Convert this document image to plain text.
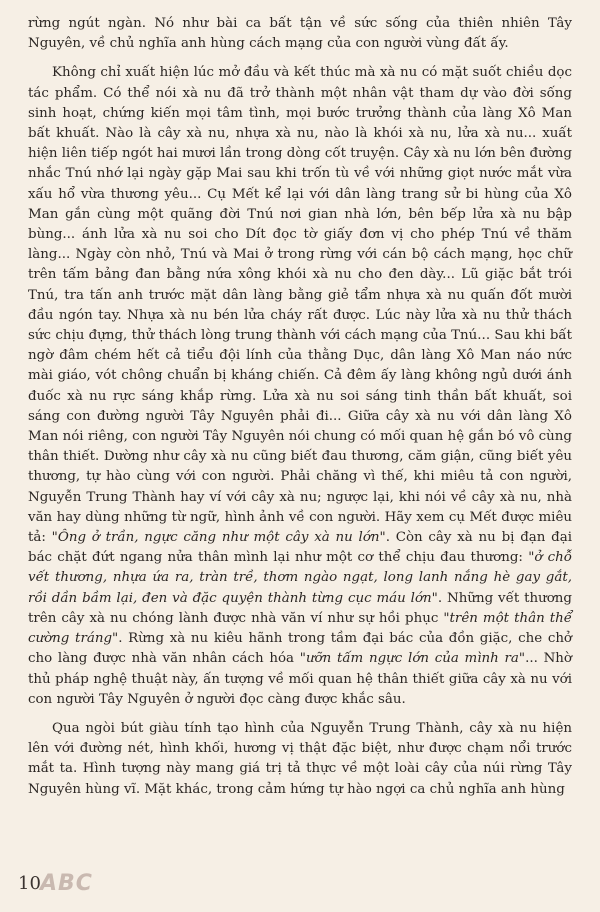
rừng ngút ngàn. Nó như bài ca bất tận về sức sống của thiên nhiên Tây Nguyên, về chủ nghĩa anh hùng cách mạng của con người vùng đất ấy.

Không chỉ xuất hiện lúc mở đầu và kết thúc mà xà nu có mặt suốt chiều dọc tác phẩm. Có thể nói xà nu đã trở thành một nhân vật tham dự vào đời sống sinh hoạt, chứng kiến mọi tâm tình, mọi bước trưởng thành của làng Xô Man bất khuất. Nào là cây xà nu, nhựa xà nu, nào là khói xà nu, lửa xà nu... xuất hiện liên tiếp ngót hai mươi lần trong dòng cốt truyện. Cây xà nu lớn bên đường nhắc Tnú nhớ lại ngày gặp Mai sau khi trốn tù về với những giọt nước mắt vừa xấu hổ vừa thương yêu... Cụ Mết kể lại với dân làng trang sử bi hùng của Xô Man gắn cùng một quãng đời Tnú nơi gian nhà lớn, bên bếp lửa xà nu bập bùng... ánh lửa xà nu soi cho Dít đọc tờ giấy đơn vị cho phép Tnú về thăm làng... Ngày còn nhỏ, Tnú và Mai ở trong rừng với cán bộ cách mạng, học chữ trên tấm bảng đan bằng nứa xông khói xà nu cho đen dày... Lũ giặc bắt trói Tnú, tra tấn anh trước mặt dân làng bằng giẻ tẩm nhựa xà nu quấn đốt mười đầu ngón tay. Nhựa xà nu bén lửa cháy rất được. Lúc này lửa xà nu thử thách sức chịu đựng, thử thách lòng trung thành với cách mạng của Tnú... Sau khi bất ngờ đâm chém hết cả tiểu đội lính của thằng Dục, dân làng Xô Man náo nức mài giáo, vót chông chuẩn bị kháng chiến. Cả đêm ấy làng không ngủ dưới ánh đuốc xà nu rực sáng khắp rừng. Lửa xà nu soi sáng tinh thần bất khuất, soi sáng con đường người Tây Nguyên phải đi... Giữa cây xà nu với dân làng Xô Man nói riêng, con người Tây Nguyên nói chung có mối quan hệ gắn bó vô cùng thân thiết. Dường như cây xà nu cũng biết đau thương, căm giận, cũng biết yêu thương, tự hào cùng với con người. Phải chăng vì thế, khi miêu tả con người, Nguyễn Trung Thành hay ví với cây xà nu; ngược lại, khi nói về cây xà nu, nhà văn hay dùng những từ ngữ, hình ảnh về con người. Hãy xem cụ Mết được miêu tả: "Ông ở trần, ngực căng như một cây xà nu lớn". Còn cây xà nu bị đạn đại bác chặt đứt ngang nửa thân mình lại như một cơ thể chịu đau thương: "ở chỗ vết thương, nhựa ứa ra, tràn trề, thơm ngào ngạt, long lanh nắng hè gay gắt, rồi dần bầm lại, đen và đặc quyện thành từng cục máu lớn". Những vết thương trên cây xà nu chóng lành được nhà văn ví như sự hồi phục "trên một thân thể cường tráng". Rừng xà nu kiêu hãnh trong tầm đại bác của đồn giặc, che chở cho làng được nhà văn nhân cách hóa "ưỡn tấm ngực lớn của mình ra"... Nhờ thủ pháp nghệ thuật này, ấn tượng về mối quan hệ thân thiết giữa cây xà nu với con người Tây Nguyên ở người đọc càng được khắc sâu.

Qua ngòi bút giàu tính tạo hình của Nguyễn Trung Thành, cây xà nu hiện lên với đường nét, hình khối, hương vị thật đặc biệt, như được chạm nổi trước mắt ta. Hình tượng này mang giá trị tả thực về một loài cây của núi rừng Tây Nguyên hùng vĩ. Mặt khác, trong cảm hứng tự hào ngợi ca chủ nghĩa anh hùng

10 ABC
